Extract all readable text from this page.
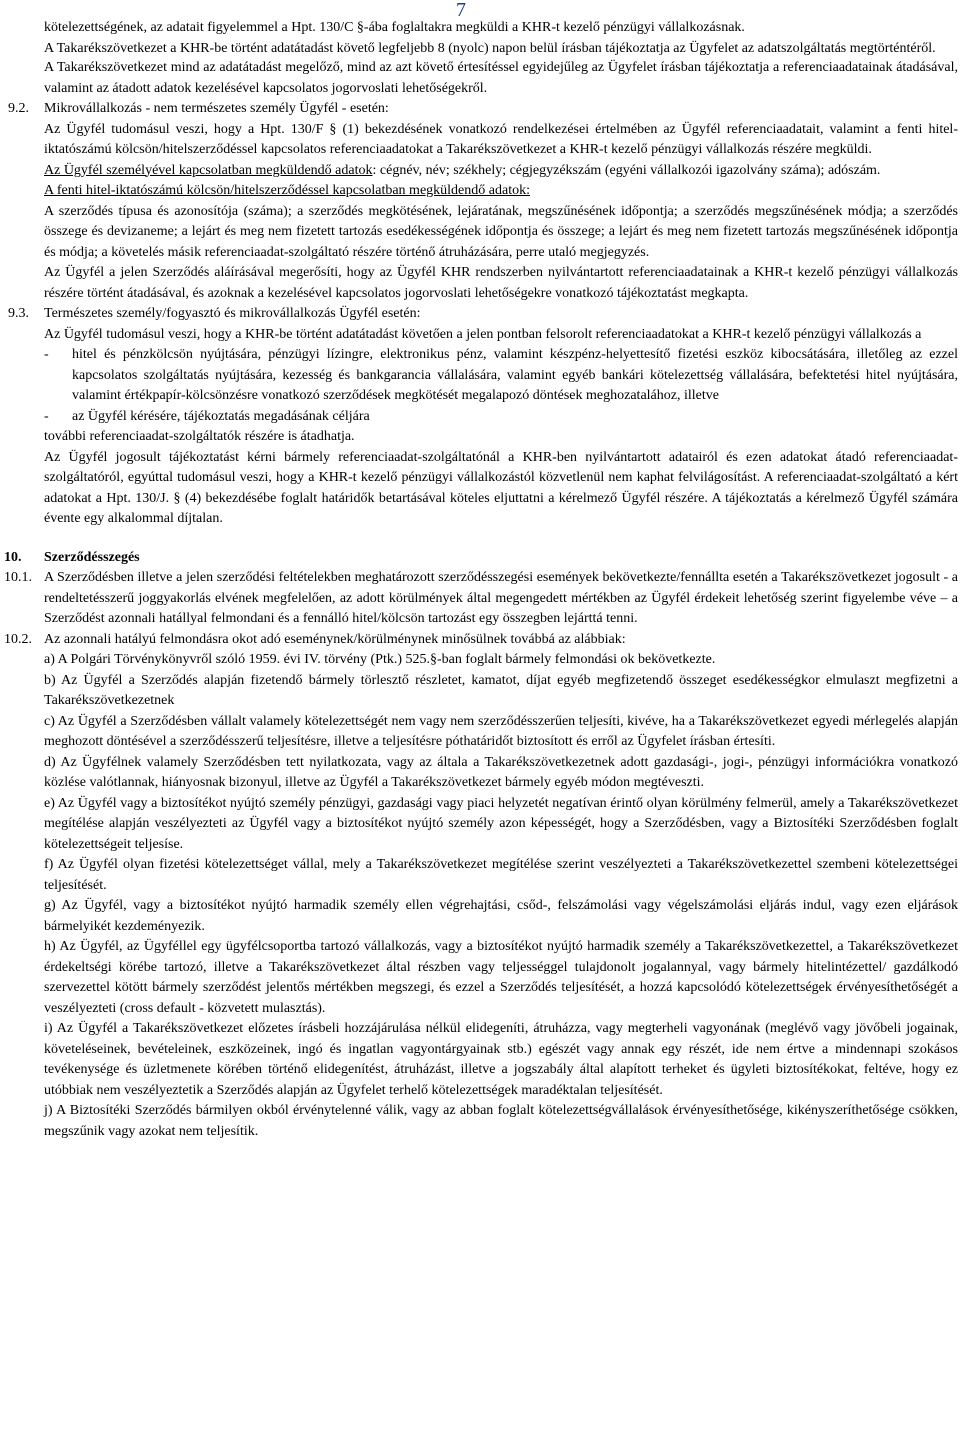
7

kötelezettségének, az adatait figyelemmel a Hpt. 130/C §-ába foglaltakra megküldi a KHR-t kezelő pénzügyi vállalkozásnak.

A Takarékszövetkezet a KHR-be történt adatátadást követő legfeljebb 8 (nyolc) napon belül írásban tájékoztatja az Ügyfelet az adatszolgáltatás megtörténtéről.

A Takarékszövetkezet mind az adatátadást megelőző, mind az azt követő értesítéssel egyidejűleg az Ügyfelet írásban tájékoztatja a referenciaadatainak átadásával, valamint az átadott adatok kezelésével kapcsolatos jogorvoslati lehetőségekről.

9.2.	Mikrovállalkozás - nem természetes személy Ügyfél - esetén:

Az Ügyfél tudomásul veszi, hogy a Hpt. 130/F § (1) bekezdésének vonatkozó rendelkezései értelmében az Ügyfél referenciaadatait, valamint a fenti hitel-iktatószámú kölcsön/hitelszerződéssel kapcsolatos referenciaadatokat a Takarékszövetkezet a KHR-t kezelő pénzügyi vállalkozás részére megküldi.

Az Ügyfél személyével kapcsolatban megküldendő adatok: cégnév, név; székhely; cégjegyzékszám (egyéni vállalkozói igazolvány száma); adószám.

A fenti hitel-iktatószámú kölcsön/hitelszerződéssel kapcsolatban megküldendő adatok:

A szerződés típusa és azonosítója (száma); a szerződés megkötésének, lejáratának, megszűnésének időpontja; a szerződés megszűnésének módja; a szerződés összege és devizaneme; a lejárt és meg nem fizetett tartozás esedékességének időpontja és összege; a lejárt és meg nem fizetett tartozás megszűnésének időpontja és módja; a követelés másik referenciaadat-szolgáltató részére történő átruházására, perre utaló megjegyzés.

Az Ügyfél a jelen Szerződés aláírásával megerősíti, hogy az Ügyfél KHR rendszerben nyilvántartott referenciaadatainak a KHR-t kezelő pénzügyi vállalkozás részére történt átadásával, és azoknak a kezelésével kapcsolatos jogorvoslati lehetőségekre vonatkozó tájékoztatást megkapta.

9.3.	Természetes személy/fogyasztó és mikrovállalkozás Ügyfél esetén:

Az Ügyfél tudomásul veszi, hogy a KHR-be történt adatátadást követően a jelen pontban felsorolt referenciaadatokat a KHR-t kezelő pénzügyi vállalkozás a

-	hitel és pénzkölcsön nyújtására, pénzügyi lízingre, elektronikus pénz, valamint készpénz-helyettesítő fizetési eszköz kibocsátására, illetőleg az ezzel kapcsolatos szolgáltatás nyújtására, kezesség és bankgarancia vállalására, valamint egyéb bankári kötelezettség vállalására, befektetési hitel nyújtására, valamint értékpapír-kölcsönzésre vonatkozó szerződések megkötését megalapozó döntések meghozatalához, illetve

-	az Ügyfél kérésére, tájékoztatás megadásának céljára

további referenciaadat-szolgáltatók részére is átadhatja.

Az Ügyfél jogosult tájékoztatást kérni bármely referenciaadat-szolgáltatónál a KHR-ben nyilvántartott adatairól és ezen adatokat átadó referenciaadat-szolgáltatóról, egyúttal tudomásul veszi, hogy a KHR-t kezelő pénzügyi vállalkozástól közvetlenül nem kaphat felvilágosítást. A referenciaadat-szolgáltató a kért adatokat a Hpt. 130/J. § (4) bekezdésébe foglalt határidők betartásával köteles eljuttatni a kérelmező Ügyfél részére. A tájékoztatás a kérelmező Ügyfél számára évente egy alkalommal díjtalan.

10.	Szerződésszegés

10.1. A Szerződésben illetve a jelen szerződési feltételekben meghatározott szerződésszegési események bekövetkezte/fennállta esetén a Takarékszövetkezet jogosult - a rendeltetésszerű joggyakorlás elvének megfelelően, az adott körülmények által megengedett mértékben az Ügyfél érdekeit lehetőség szerint figyelembe véve – a Szerződést azonnali hatállyal felmondani és a fennálló hitel/kölcsön tartozást egy összegben lejárttá tenni.

10.2. Az azonnali hatályú felmondásra okot adó eseménynek/körülménynek minősülnek továbbá az alábbiak:

a) A Polgári Törvénykönyvről szóló 1959. évi IV. törvény (Ptk.) 525.§-ban foglalt bármely felmondási ok bekövetkezte.

b) Az Ügyfél a Szerződés alapján fizetendő bármely törlesztő részletet, kamatot, díjat egyéb megfizetendő összeget esedékességkor elmulaszt megfizetni a Takarékszövetkezetnek

c) Az Ügyfél a Szerződésben vállalt valamely kötelezettségét nem vagy nem szerződésszerűen teljesíti, kivéve, ha a Takarékszövetkezet egyedi mérlegelés alapján meghozott döntésével a szerződésszerű teljesítésre, illetve a teljesítésre póthatáridőt biztosított és erről az Ügyfelet írásban értesíti.

d) Az Ügyfélnek valamely Szerződésben tett nyilatkozata, vagy az általa a Takarékszövetkezetnek adott gazdasági-, jogi-, pénzügyi információkra vonatkozó közlése valótlannak, hiányosnak bizonyul, illetve az Ügyfél a Takarékszövetkezet bármely egyéb módon megtéveszti.

e) Az Ügyfél vagy a biztosítékot nyújtó személy pénzügyi, gazdasági vagy piaci helyzetét negatívan érintő olyan körülmény felmerül, amely a Takarékszövetkezet megítélése alapján veszélyezteti az Ügyfél vagy a biztosítékot nyújtó személy azon képességét, hogy a Szerződésben, vagy a Biztosítéki Szerződésben foglalt kötelezettségeit teljesíse.

f) Az Ügyfél olyan fizetési kötelezettséget vállal, mely a Takarékszövetkezet megítélése szerint veszélyezteti a Takarékszövetkezettel szembeni kötelezettségei teljesítését.

g) Az Ügyfél, vagy a biztosítékot nyújtó harmadik személy ellen végrehajtási, csőd-, felszámolási vagy végelszámolási eljárás indul, vagy ezen eljárások bármelyikét kezdeményezik.

h) Az Ügyfél, az Ügyféllel egy ügyfélcsoportba tartozó vállalkozás, vagy a biztosítékot nyújtó harmadik személy a Takarékszövetkezettel, a Takarékszövetkezet érdekeltségi körébe tartozó, illetve a Takarékszövetkezet által részben vagy teljességgel tulajdonolt jogalannyal, vagy bármely hitelintézettel/ gazdálkodó szervezettel kötött bármely szerződést jelentős mértékben megszegi, és ezzel a Szerződés teljesítését, a hozzá kapcsolódó kötelezettségek érvényesíthetőségét a veszélyezteti (cross default - közvetett mulasztás).

i) Az Ügyfél a Takarékszövetkezet előzetes írásbeli hozzájárulása nélkül elidegeníti, átruházza, vagy megterheli vagyonának (meglévő vagy jövőbeli jogainak, követeléseinek, bevételeinek, eszközeinek, ingó és ingatlan vagyontárgyainak stb.) egészét vagy annak egy részét, ide nem értve a mindennapi szokásos tevékenysége és üzletmenete körében történő elidegenítést, átruházást, illetve a jogszabály által alapított terheket és ügyleti biztosítékokat, feltéve, hogy ez utóbbiak nem veszélyeztetik a Szerződés alapján az Ügyfelet terhelő kötelezettségek maradéktalan teljesítését.

j) A Biztosítéki Szerződés bármilyen okból érvénytelenné válik, vagy az abban foglalt kötelezettségvállalások érvényesíthetősége, kikényszeríthetősége csökken, megszűnik vagy azokat nem teljesítik.
